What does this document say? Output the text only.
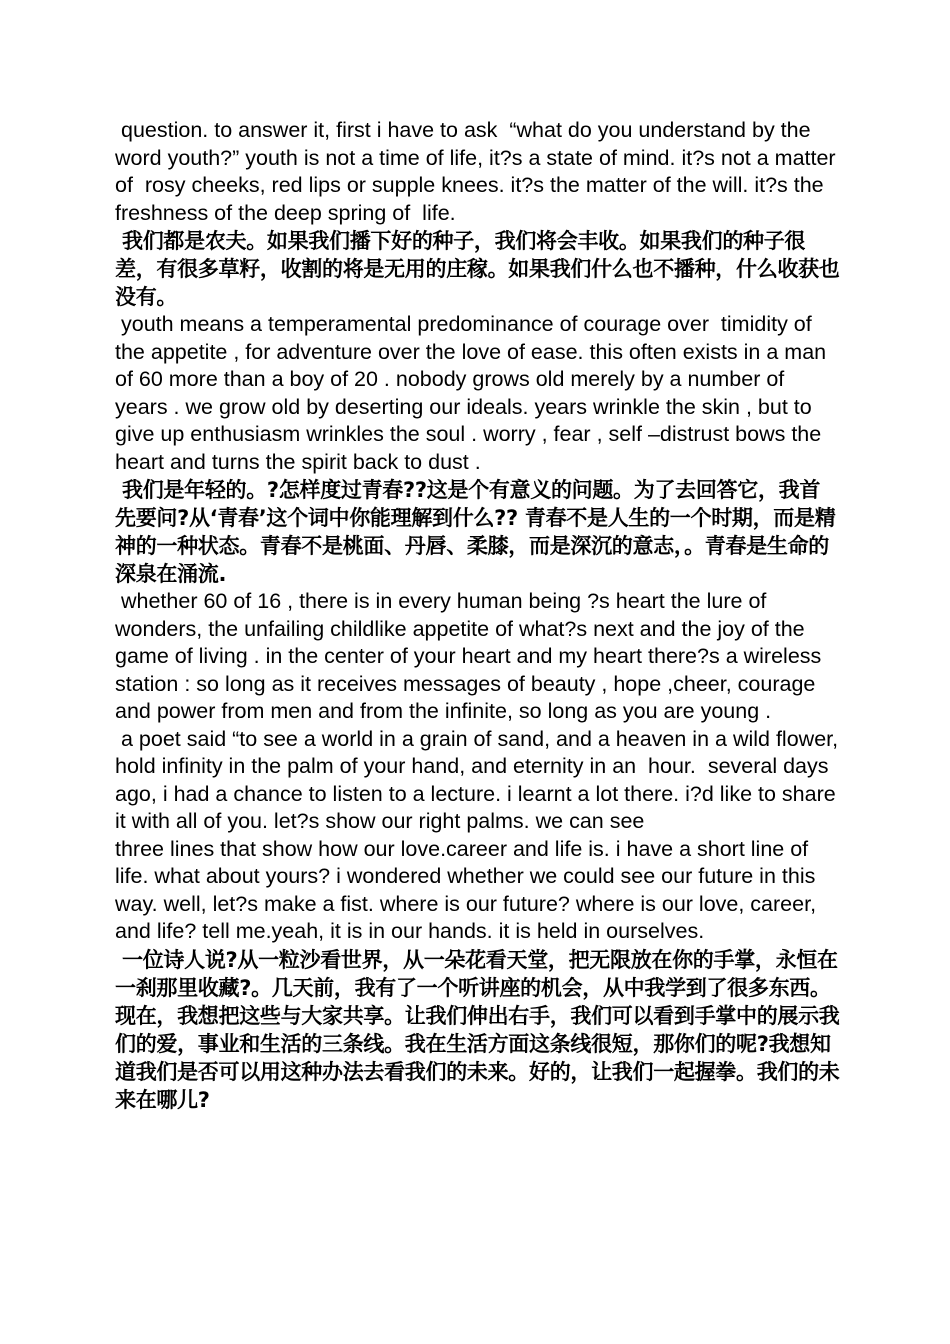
question. to answer it, first i have to ask  “what do you understand by the word youth?” youth is not a time of life, it?s a state of mind. it?s not a matter of  rosy cheeks, red lips or supple knees. it?s the matter of the will. it?s the freshness of the deep spring of  life.

我们都是农夫。如果我们播下好的种子，我们将会丰收。如果我们的种子很差，有很多草籽，收割的将是无用的庄稼。如果我们什么也不播种，什么收获也没有。

youth means a temperamental predominance of courage over  timidity of the appetite , for adventure over the love of ease. this often exists in a man of 60 more than a boy of 20 . nobody grows old merely by a number of years . we grow old by deserting our ideals. years wrinkle the skin , but to give up enthusiasm wrinkles the soul . worry , fear , self –distrust bows the heart and turns the spirit back to dust .

我们是年轻的。?怎样度过青春??这是个有意义的问题。为了去回答它，我首先要问?从‘青春’这个词中你能理解到什么?? 青春不是人生的一个时期，而是精神的一种状态。青春不是桃面、丹唇、柔膝，而是深沉的意志，。青春是生命的深泉在涌流.

whether 60 of 16 , there is in every human being ?s heart the lure of wonders, the unfailing childlike appetite of what?s next and the joy of the game of living . in the center of your heart and my heart there?s a wireless station : so long as it receives messages of beauty , hope ,cheer, courage and power from men and from the infinite, so long as you are young .

a poet said “to see a world in a grain of sand, and a heaven in a wild flower, hold infinity in the palm of your hand, and eternity in an  hour.  several days ago, i had a chance to listen to a lecture. i learnt a lot there. i?d like to share it with all of you. let?s show our right palms. we can see

three lines that show how our love.career and life is. i have a short line of life. what about yours? i wondered whether we could see our future in this way. well, let?s make a fist. where is our future? where is our love, career, and life? tell me.yeah, it is in our hands. it is held in ourselves.

一位诗人说?从一粒沙看世界，从一朵花看天堂，把无限放在你的手掌，永恒在一刹那里收藏?。几天前，我有了一个听讲座的机会，从中我学到了很多东西。现在，我想把这些与大家共享。让我们伸出右手，我们可以看到手掌中的展示我们的爱，事业和生活的三条线。我在生活方面这条线很短，那你们的呢?我想知道我们是否可以用这种办法去看我们的未来。好的，让我们一起握拳。我们的未来在哪儿?
